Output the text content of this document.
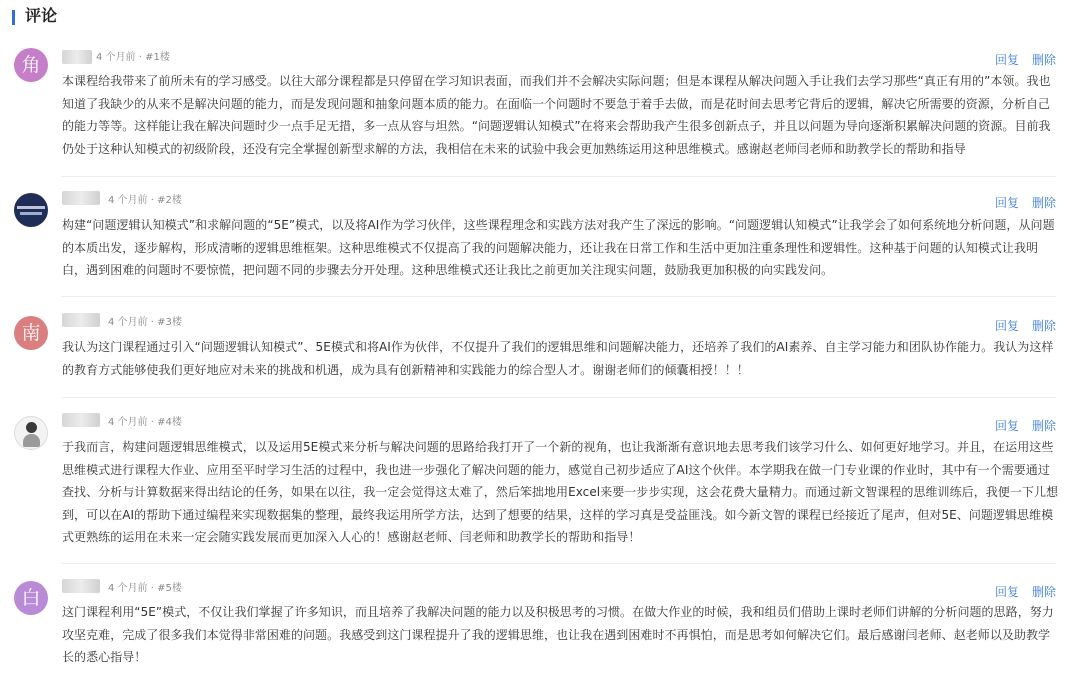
评论
角	4 个月前 · #1楼	回复 删除

本课程给我带来了前所未有的学习感受。以往大部分课程都是只停留在学习知识表面，而我们并不会解决实际问题；但是本课程从解决问题入手让我们去学习那些“真正有用的”本领。我也知道了我缺少的从来不是解决问题的能力，而是发现问题和抽象问题本质的能力。在面临一个问题时不要急于着手去做，而是花时间去思考它背后的逻辑，解决它所需要的资源，分析自己的能力等等。这样能让我在解决问题时少一点手足无措，多一点从容与坦然。“问题逻辑认知模式”在将来会帮助我产生很多创新点子，并且以问题为导向逐渐积累解决问题的资源。目前我仍处于这种认知模式的初级阶段，还没有完全掌握创新型求解的方法，我相信在未来的试验中我会更加熟练运用这种思维模式。感谢赵老师闫老师和助教学长的帮助和指导

4 个月前 · #2楼	回复 删除

构建“问题逻辑认知模式”和求解问题的“5E”模式，以及将AI作为学习伙伴，这些课程理念和实践方法对我产生了深远的影响。“问题逻辑认知模式”让我学会了如何系统地分析问题，从问题的本质出发，逐步解构，形成清晰的逻辑思维框架。这种思维模式不仅提高了我的问题解决能力，还让我在日常工作和生活中更加注重条理性和逻辑性。这种基于问题的认知模式让我明白，遇到困难的问题时不要惊慌，把问题不同的步骤去分开处理。这种思维模式还让我比之前更加关注现实问题，鼓励我更加积极的向实践发问。

南	4 个月前 · #3楼	回复 删除

我认为这门课程通过引入“问题逻辑认知模式”、5E模式和将AI作为伙伴，不仅提升了我们的逻辑思维和问题解决能力，还培养了我们的AI素养、自主学习能力和团队协作能力。我认为这样的教育方式能够使我们更好地应对未来的挑战和机遇，成为具有创新精神和实践能力的综合型人才。谢谢老师们的倾囊相授！！！

4 个月前 · #4楼	回复 删除

于我而言，构建问题逻辑思维模式，以及运用5E模式来分析与解决问题的思路给我打开了一个新的视角，也让我渐渐有意识地去思考我们该学习什么、如何更好地学习。并且，在运用这些思维模式进行课程大作业、应用至平时学习生活的过程中，我也进一步强化了解决问题的能力，感觉自己初步适应了AI这个伙伴。本学期我在做一门专业课的作业时，其中有一个需要通过查找、分析与计算数据来得出结论的任务，如果在以往，我一定会觉得这太难了，然后笨拙地用Excel来要一步步实现，这会花费大量精力。而通过新文智课程的思维训练后，我便一下儿想到，可以在AI的帮助下通过编程来实现数据集的整理，最终我运用所学方法，达到了想要的结果，这样的学习真是受益匪浅。如今新文智的课程已经接近了尾声，但对5E、问题逻辑思维模式更熟练的运用在未来一定会随实践发展而更加深入人心的！感谢赵老师、闫老师和助教学长的帮助和指导！

白	4 个月前 · #5楼	回复 删除

这门课程利用“5E”模式，不仅让我们掌握了许多知识，而且培养了我解决问题的能力以及积极思考的习惯。在做大作业的时候，我和组员们借助上课时老师们讲解的分析问题的思路，努力攻坚克难，完成了很多我们本觉得非常困难的问题。我感受到这门课程提升了我的逻辑思维，也让我在遇到困难时不再惧怕，而是思考如何解决它们。最后感谢闫老师、赵老师以及助教学长的悉心指导！
